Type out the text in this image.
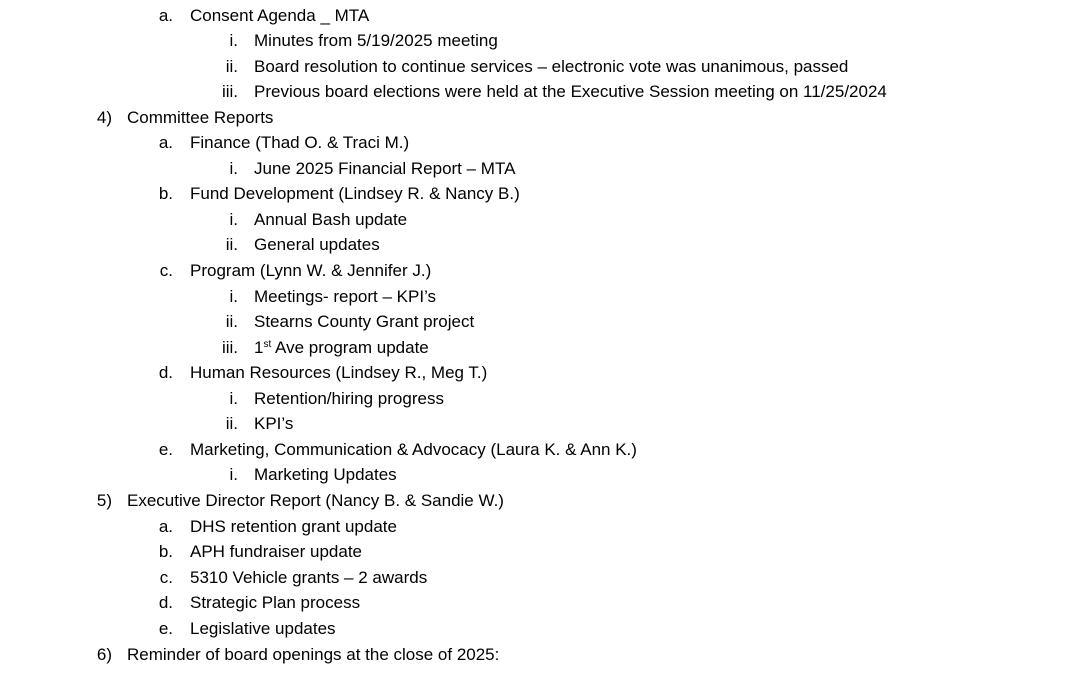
a. Consent Agenda _ MTA
i. Minutes from 5/19/2025 meeting
ii. Board resolution to continue services – electronic vote was unanimous, passed
iii. Previous board elections were held at the Executive Session meeting on 11/25/2024
4) Committee Reports
a. Finance (Thad O. & Traci M.)
i. June 2025 Financial Report – MTA
b. Fund Development (Lindsey R. & Nancy B.)
i. Annual Bash update
ii. General updates
c. Program (Lynn W. & Jennifer J.)
i. Meetings- report – KPI’s
ii. Stearns County Grant project
iii. 1st Ave program update
d. Human Resources (Lindsey R., Meg T.)
i. Retention/hiring progress
ii. KPI’s
e. Marketing, Communication & Advocacy (Laura K. & Ann K.)
i. Marketing Updates
5) Executive Director Report (Nancy B. & Sandie W.)
a. DHS retention grant update
b. APH fundraiser update
c. 5310 Vehicle grants – 2 awards
d. Strategic Plan process
e. Legislative updates
6) Reminder of board openings at the close of 2025:
